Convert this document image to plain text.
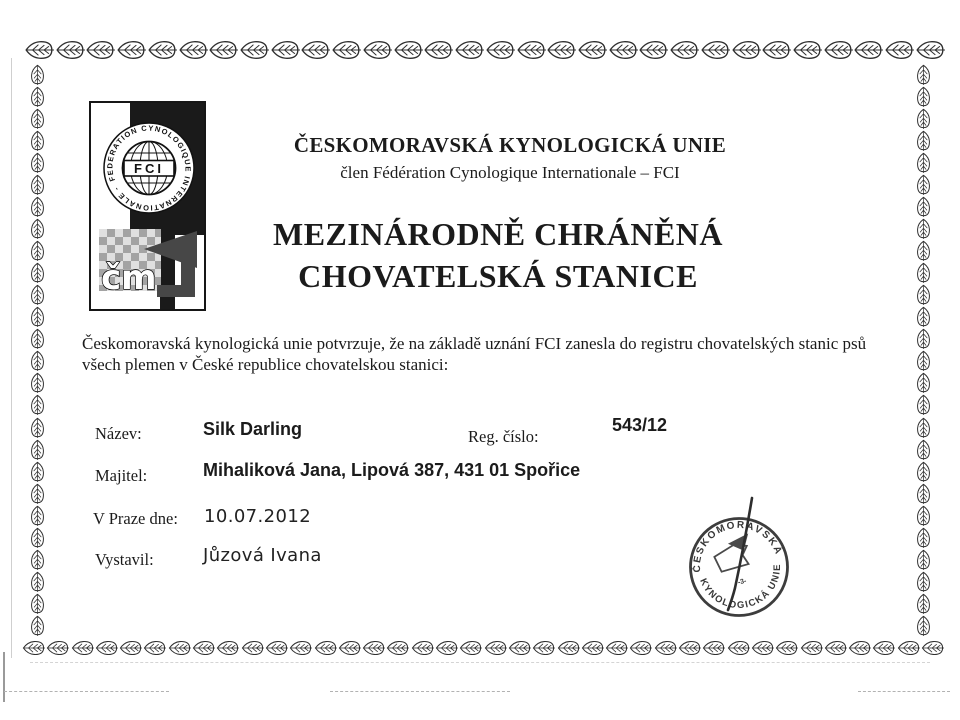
FEDERATION CYNOLOGIQUE INTERNATIONALE -
FCI
čm
ČESKOMORAVSKÁ KYNOLOGICKÁ UNIE
člen Fédération Cynologique Internationale – FCI
MEZINÁRODNĚ CHRÁNĚNÁ
CHOVATELSKÁ STANICE
Českomoravská kynologická unie potvrzuje, že na základě uznání FCI zanesla do registru chovatelských stanic psů všech plemen v České republice chovatelskou stanici:
Název:	Silk Darling	Reg. číslo:
543/12
Majitel:	Mihaliková Jana, Lipová 387, 431 01 Spořice
V Praze dne: 10.07.2012
Vystavil:	Jůzová Ivana
ČESKOMORAVSKÁ
KYNOLOGICKÁ UNIE
-3-
